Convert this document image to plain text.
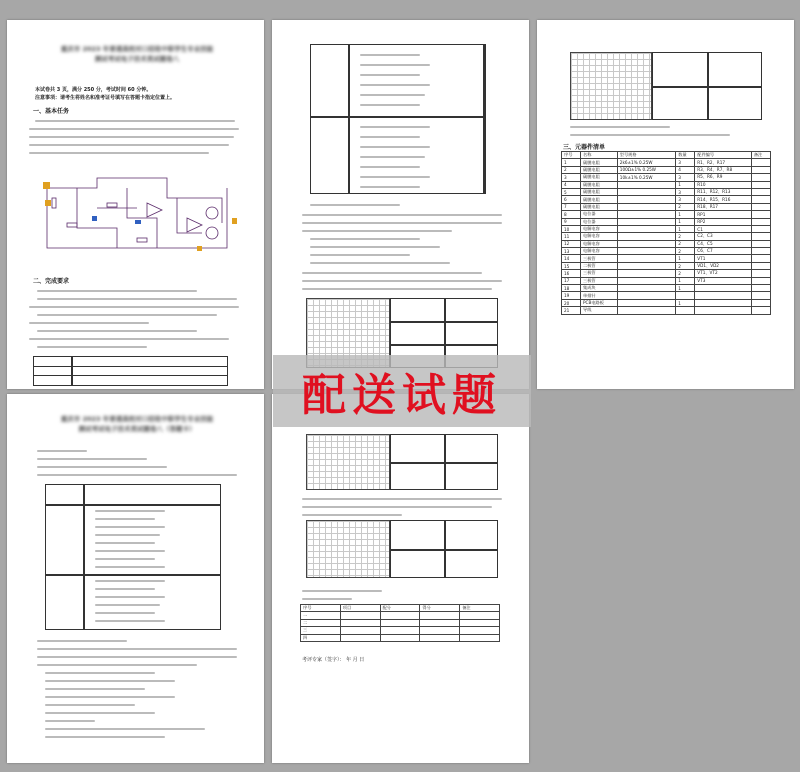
重庆市 2023 年普通高校对口招收中职学生专业技能
测试考试电子技术类试题卷八
本试卷共 3 页，满分 250 分，考试时间 60 分钟。
注意事项：请考生将姓名和准考证号填写在答题卡指定位置上。
一、基本任务
二、完成要求
三、元器件清单
序号	名称	型号规格	数量	配件编号	备注
1	碳膜电阻	2k6±1% 0.25W	3	R1、R2、R17	
2	碳膜电阻	100Ω±1% 0.25W	4	R3、R4、R7、R8	
3	碳膜电阻	10k±1% 0.25W	3	R5、R6、R9	
4	碳膜电阻		1	R10	
5	碳膜电阻		3	R11、R12、R13	
6	碳膜电阻		3	R14、R15、R16	
7	碳膜电阻		2	R18、R17	
8	电位器		1	RP1	
9	电位器		1	RP2	
10	电解电容		1	C1	
11	电解电容		2	C2、C3	
12	电解电容		2	C4、C5	
13	电解电容		2	C6、C7	
14	三极管		1	VT1	
15	二极管		2	VD1、VD2	
16	三极管		2	VT1、VT2	
17	三极管		1	VT3	
18	集成块		1		
19	单排针				
20	PCB电路板		1		
21	导线				
重庆市 2023 年普通高校对口招收中职学生专业技能
测试考试电子技术类试题卷八（答题卡）
序号	项目	配分	得分	备注
一				
二				
三				
四				
考评专家（签字）： 年 月 日
配送试题
